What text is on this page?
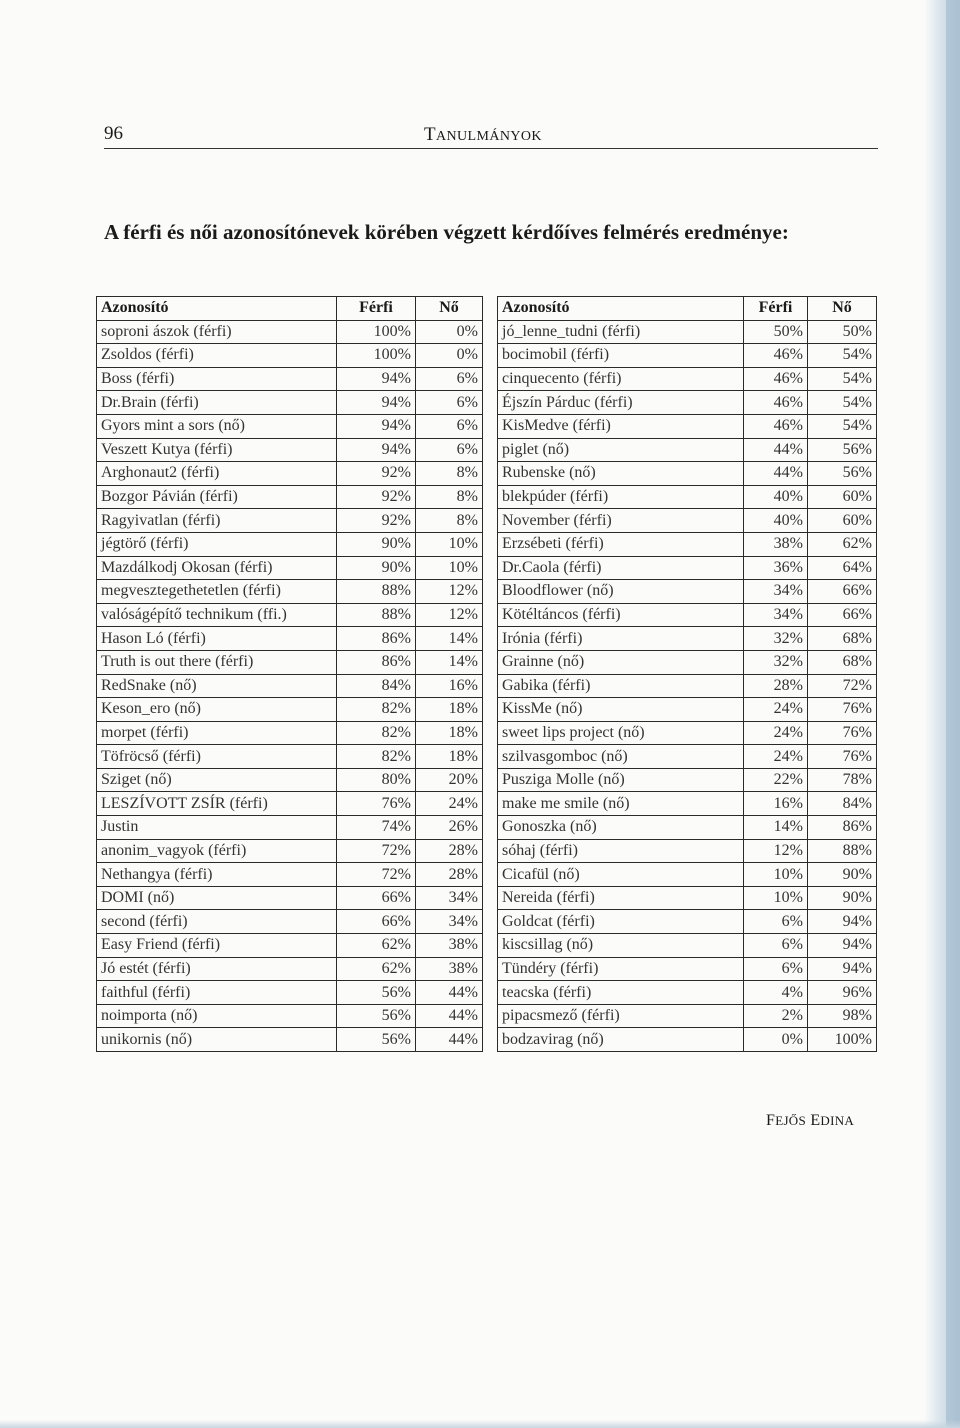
96	TANULMÁNYOK
A férfi és női azonosítónevek körében végzett kérdőíves felmérés eredménye:
Azonosító	Férfi	Nő
soproni ászok (férfi)	100%	0%
Zsoldos (férfi)	100%	0%
Boss (férfi)	94%	6%
Dr.Brain (férfi)	94%	6%
Gyors mint a sors (nő)	94%	6%
Veszett Kutya (férfi)	94%	6%
Arghonaut2 (férfi)	92%	8%
Bozgor Pávián (férfi)	92%	8%
Ragyivatlan (férfi)	92%	8%
jégtörő (férfi)	90%	10%
Mazdálkodj Okosan (férfi)	90%	10%
megvesztegethetetlen (férfi)	88%	12%
valóságépítő technikum (ffi.)	88%	12%
Hason Ló (férfi)	86%	14%
Truth is out there (férfi)	86%	14%
RedSnake (nő)	84%	16%
Keson_ero (nő)	82%	18%
morpet (férfi)	82%	18%
Töfröcső (férfi)	82%	18%
Sziget (nő)	80%	20%
LESZÍVOTT ZSÍR (férfi)	76%	24%
Justin	74%	26%
anonim_vagyok (férfi)	72%	28%
Nethangya (férfi)	72%	28%
DOMI (nő)	66%	34%
second (férfi)	66%	34%
Easy Friend (férfi)	62%	38%
Jó estét (férfi)	62%	38%
faithful (férfi)	56%	44%
noimporta (nő)	56%	44%
unikornis (nő)	56%	44%
Azonosító	Férfi	Nő
jó_lenne_tudni (férfi)	50%	50%
bocimobil (férfi)	46%	54%
cinquecento (férfi)	46%	54%
Éjszín Párduc (férfi)	46%	54%
KisMedve (férfi)	46%	54%
piglet (nő)	44%	56%
Rubenske (nő)	44%	56%
blekpúder (férfi)	40%	60%
November (férfi)	40%	60%
Erzsébeti (férfi)	38%	62%
Dr.Caola (férfi)	36%	64%
Bloodflower (nő)	34%	66%
Kötéltáncos (férfi)	34%	66%
Irónia (férfi)	32%	68%
Grainne (nő)	32%	68%
Gabika (férfi)	28%	72%
KissMe (nő)	24%	76%
sweet lips project (nő)	24%	76%
szilvasgomboc (nő)	24%	76%
Pusziga Molle (nő)	22%	78%
make me smile (nő)	16%	84%
Gonoszka (nő)	14%	86%
sóhaj (férfi)	12%	88%
Cicafül (nő)	10%	90%
Nereida (férfi)	10%	90%
Goldcat (férfi)	6%	94%
kiscsillag (nő)	6%	94%
Tündéry (férfi)	6%	94%
teacska (férfi)	4%	96%
pipacsmező (férfi)	2%	98%
bodzavirag (nő)	0%	100%
FEJŐS EDINA
